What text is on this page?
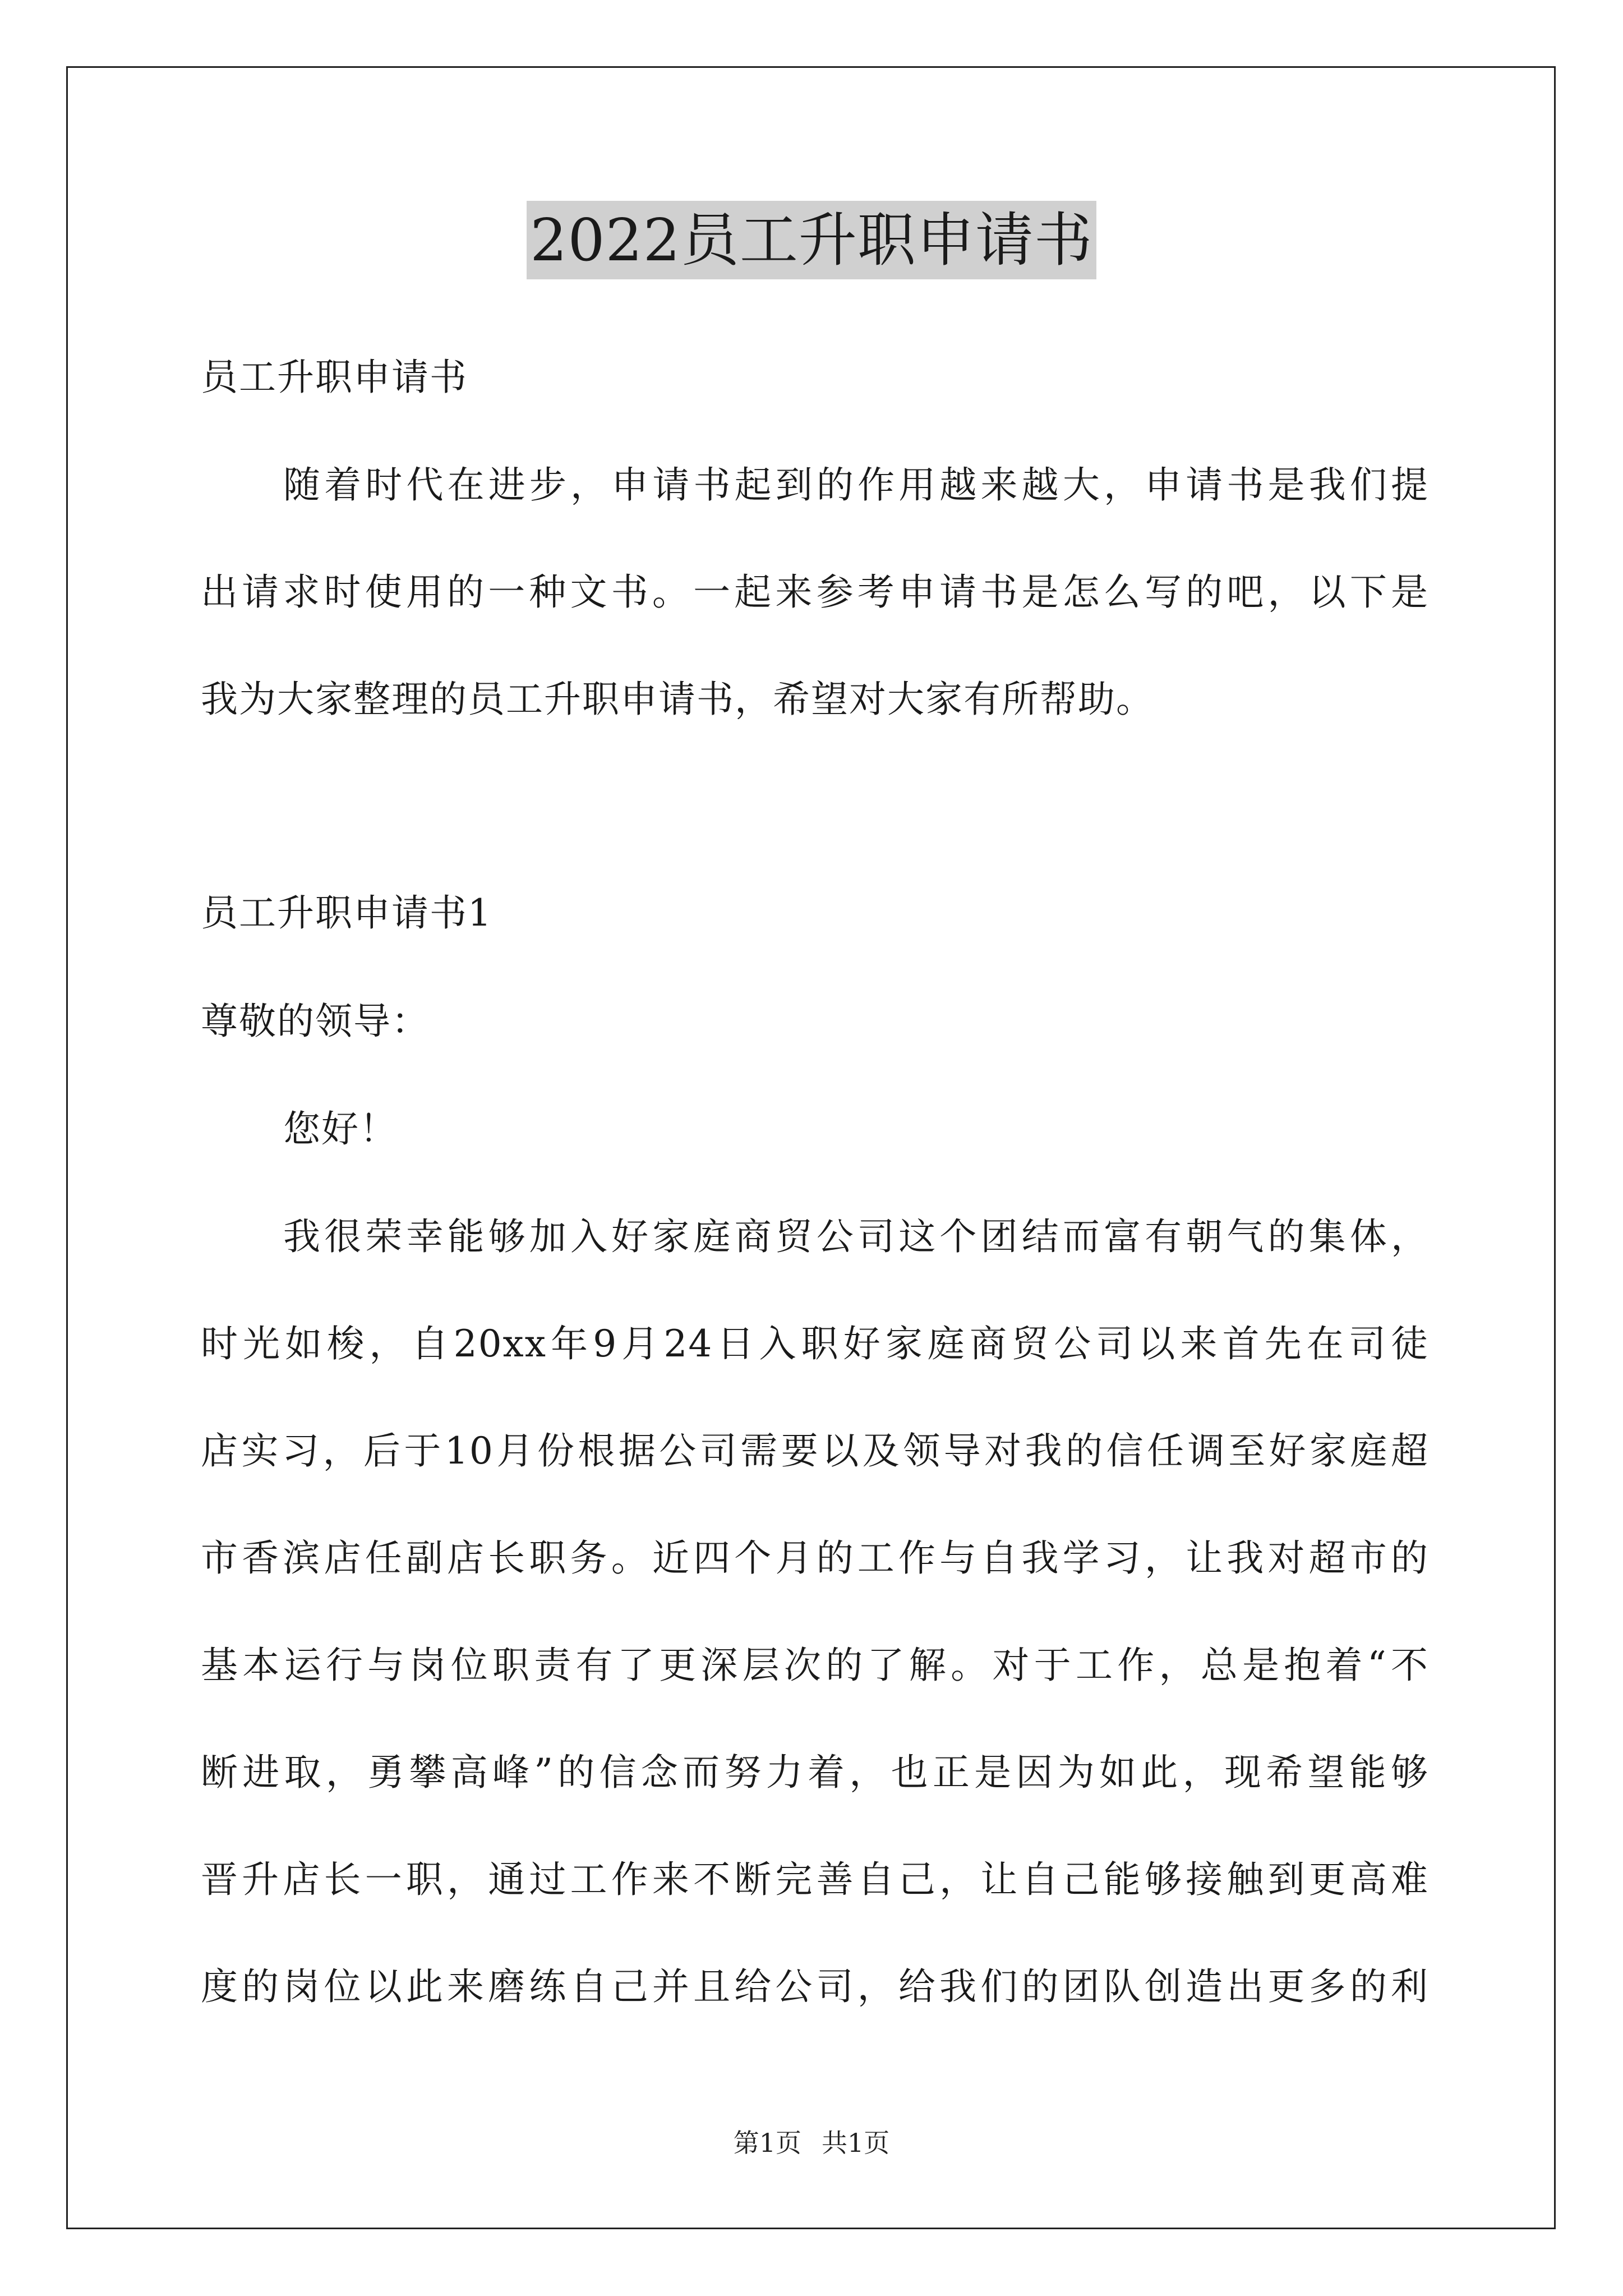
2022员工升职申请书
员工升职申请书
随着时代在进步，申请书起到的作用越来越大，申请书是我们提
出请求时使用的一种文书。一起来参考申请书是怎么写的吧，以下是
我为大家整理的员工升职申请书，希望对大家有所帮助。
员工升职申请书1
尊敬的领导：
您好！
我很荣幸能够加入好家庭商贸公司这个团结而富有朝气的集体，
时光如梭，自20xx年9月24日入职好家庭商贸公司以来首先在司徒
店实习，后于10月份根据公司需要以及领导对我的信任调至好家庭超
市香滨店任副店长职务。近四个月的工作与自我学习，让我对超市的
基本运行与岗位职责有了更深层次的了解。对于工作，总是抱着“不
断进取，勇攀高峰”的信念而努力着，也正是因为如此，现希望能够
晋升店长一职，通过工作来不断完善自己，让自己能够接触到更高难
度的岗位以此来磨练自己并且给公司，给我们的团队创造出更多的利
第1页 共1页
